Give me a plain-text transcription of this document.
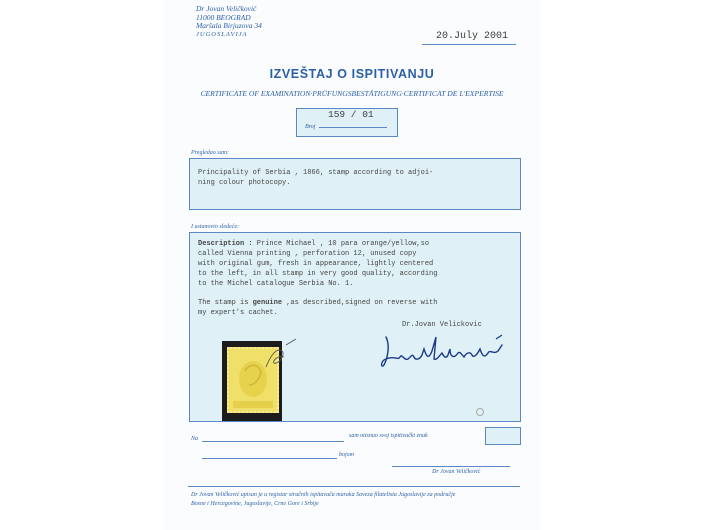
Dr Jovan Veličković
11000 BEOGRAD
Maršala Birjuzova 34
JUGOSLAVIJA	20.July 2001
IZVEŠTAJ O ISPITIVANJU
CERTIFICATE OF EXAMINATION·PRÜFUNGSBESTÄTIGUNG·CERTIFICAT DE L'EXPERTISE
159 / 01
Broj
Pregledao sam:
Principality of Serbia , 1866, stamp according to adjoi-
ning colour photocopy.
I ustanovio sledeće:
Description : Prince Michael , 10 para orange/yellow,so
called Vienna printing , perforation 12, unused copy
with original gum, fresh in appearance, lightly centered
to the left, in all stamp in very good quality, according
to the Michel catalogue Serbia No. 1.
The stamp is genuine ,as described,signed on reverse with
my expert's cachet.
Dr.Jovan Velickovic
Na	sam otisnuo svoj ispitivački znak
bojom
Dr Jovan Veličković
Dr Jovan Veličković upisan je u registar stručnih ispitavača maraka Saveza filatelista Jugoslavije za područje
Bosne i Hercegovine, Jugoslavije, Crne Gore i Srbije
